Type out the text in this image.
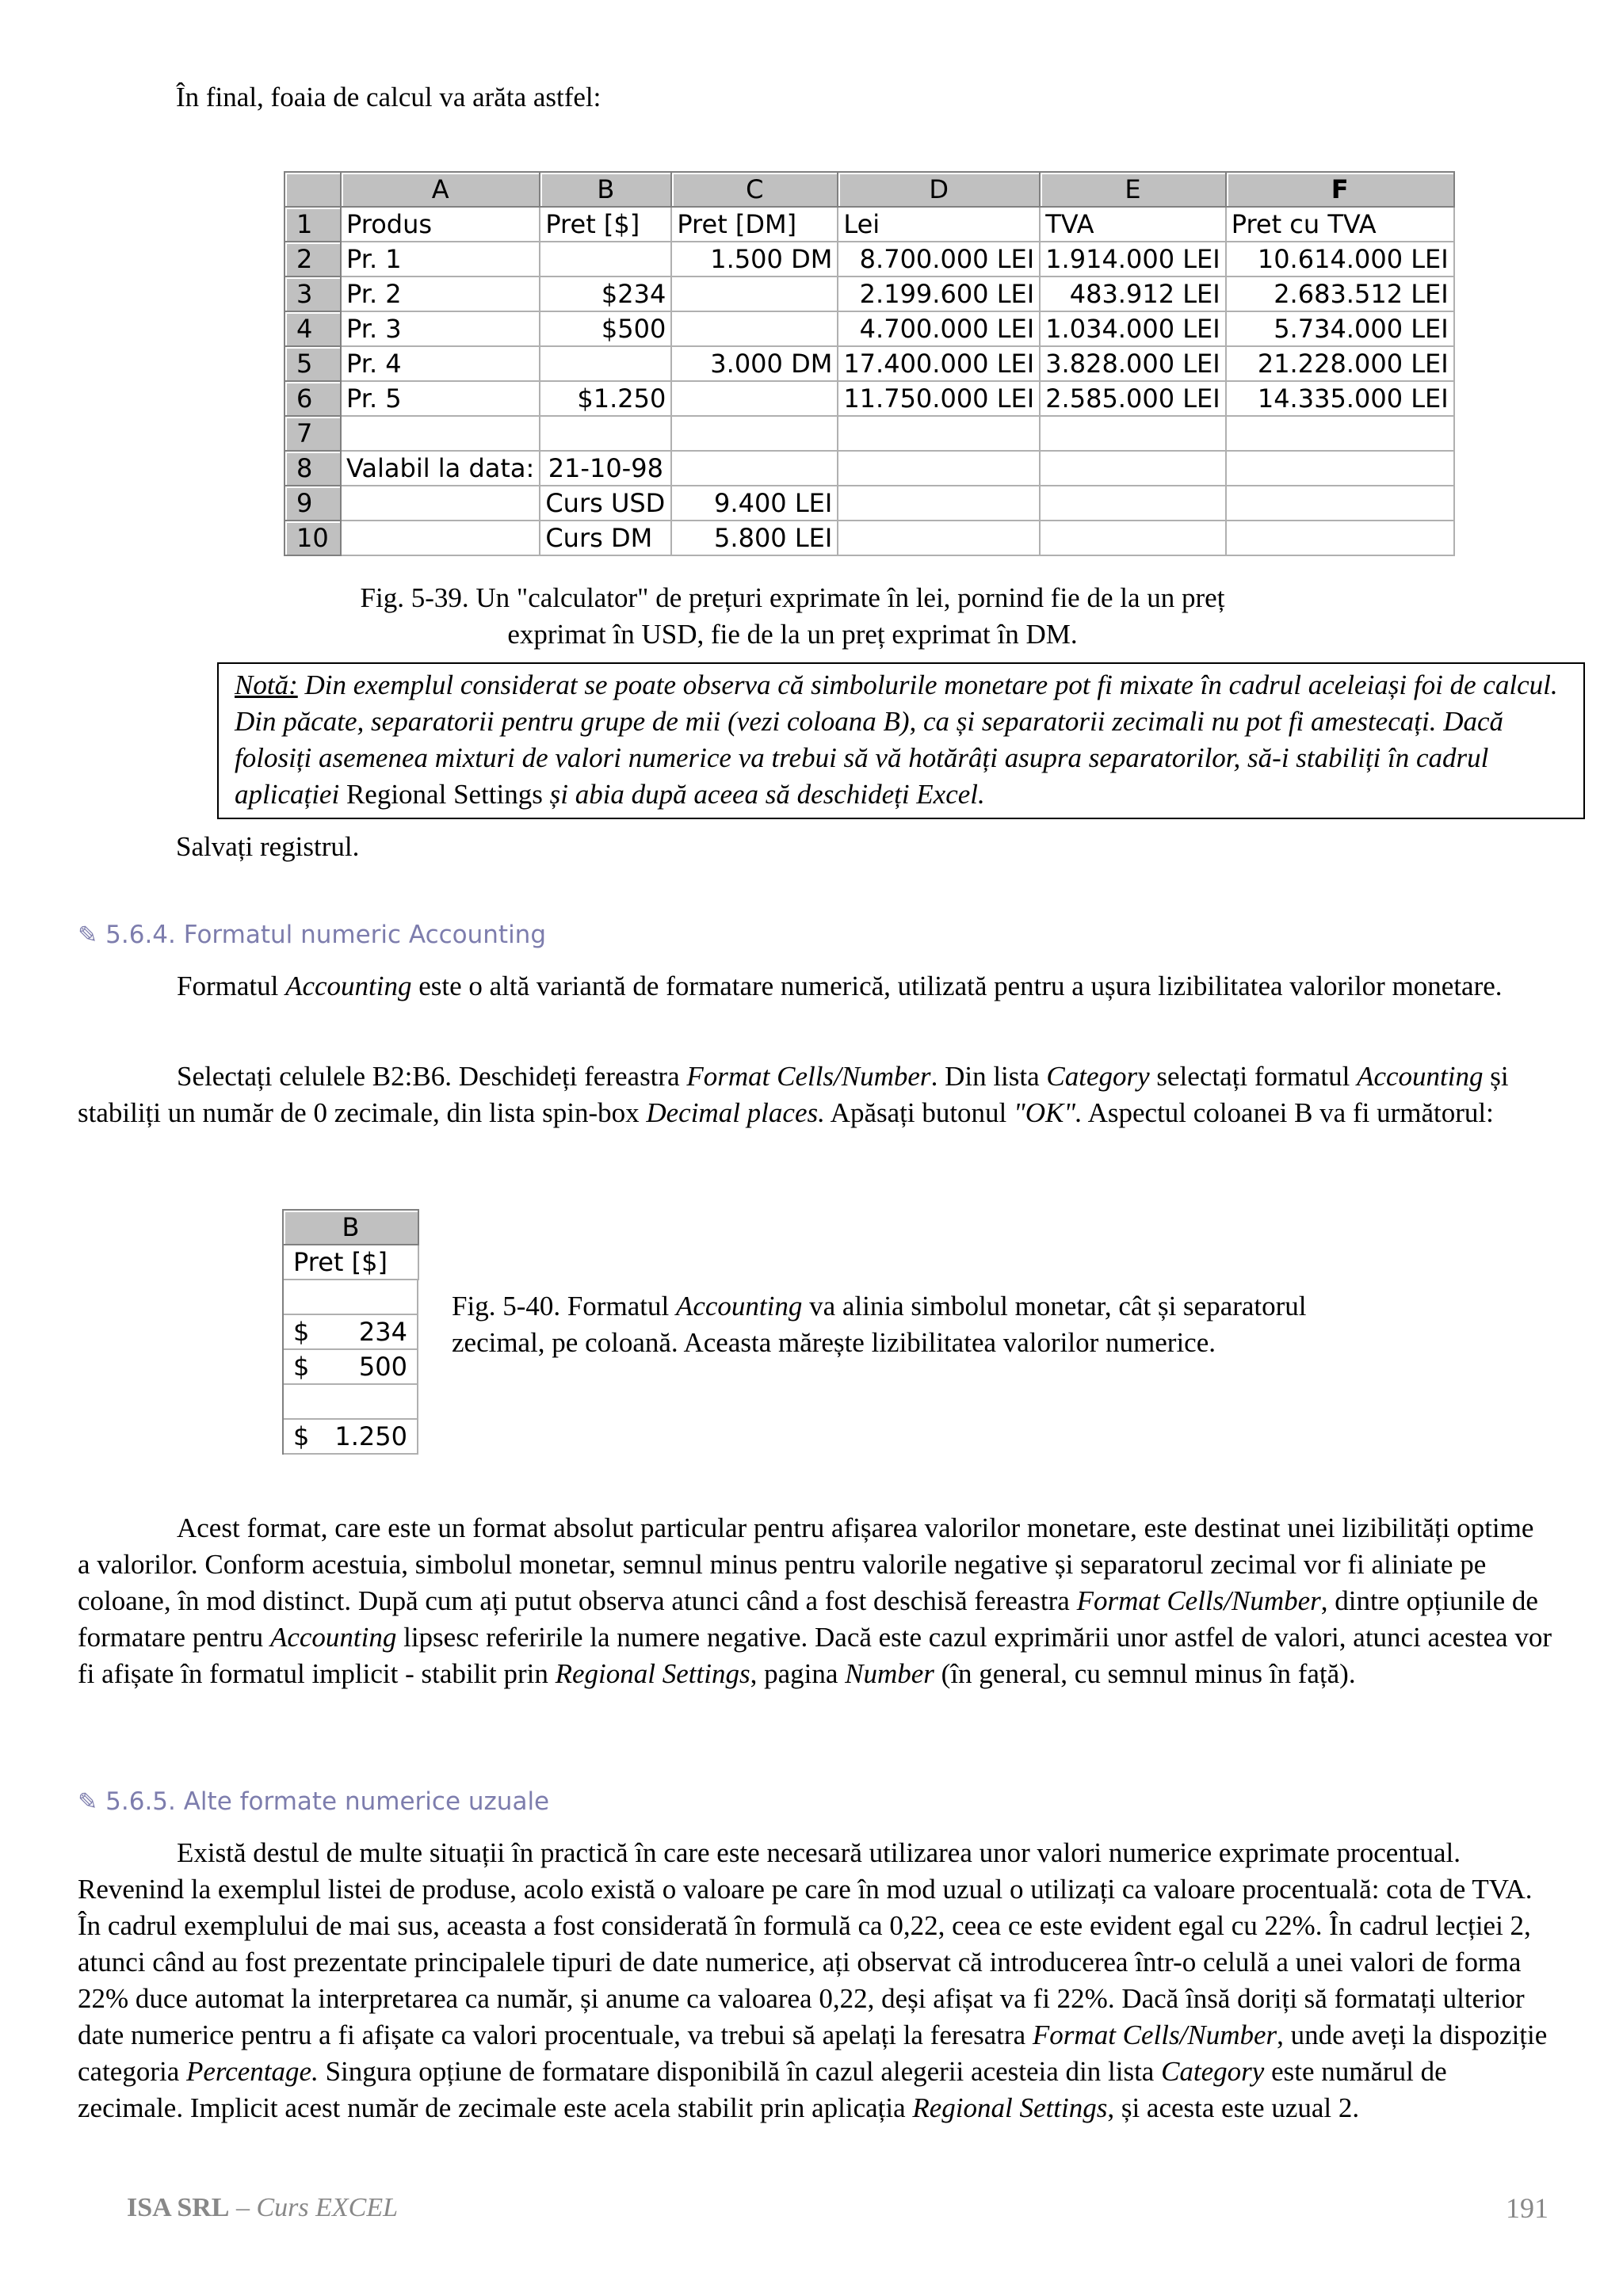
În final, foaia de calcul va arăta astfel:
	A	B	C	D	E	F
1	Produs	Pret [$]	Pret [DM]	Lei	TVA	Pret cu TVA
2	Pr. 1		1.500 DM	8.700.000 LEI	1.914.000 LEI	10.614.000 LEI
3	Pr. 2	$234		2.199.600 LEI	483.912 LEI	2.683.512 LEI
4	Pr. 3	$500		4.700.000 LEI	1.034.000 LEI	5.734.000 LEI
5	Pr. 4		3.000 DM	17.400.000 LEI	3.828.000 LEI	21.228.000 LEI
6	Pr. 5	$1.250		11.750.000 LEI	2.585.000 LEI	14.335.000 LEI
7						
8	Valabil la data:	21-10-98				
9		Curs USD	9.400 LEI			
10		Curs DM	5.800 LEI			
Fig. 5-39. Un "calculator" de prețuri exprimate în lei, pornind fie de la un preț
exprimat în USD, fie de la un preț exprimat în DM.
Notă: Din exemplul considerat se poate observa că simbolurile monetare pot fi mixate în cadrul aceleiași foi de calcul. Din păcate, separatorii pentru grupe de mii (vezi coloana B), ca și separatorii zecimali nu pot fi amestecați. Dacă folosiți asemenea mixturi de valori numerice va trebui să vă hotărâți asupra separatorilor, să-i stabiliți în cadrul aplicației Regional Settings și abia după aceea să deschideți Excel.
Salvați registrul.
✎ 5.6.4. Formatul numeric Accounting
Formatul Accounting este o altă variantă de formatare numerică, utilizată pentru a ușura lizibilitatea valorilor monetare.
Selectați celulele B2:B6. Deschideți fereastra Format Cells/Number. Din lista Category selectați formatul Accounting și stabiliți un număr de 0 zecimale, din lista spin-box Decimal places. Apăsați butonul "OK". Aspectul coloanei B va fi următorul:
B
Pret [$]

$ 234

$ 500

$ 1.250
Fig. 5-40. Formatul Accounting va alinia simbolul monetar, cât și separatorul
zecimal, pe coloană. Aceasta mărește lizibilitatea valorilor numerice.
Acest format, care este un format absolut particular pentru afișarea valorilor monetare, este destinat unei lizibilități optime a valorilor. Conform acestuia, simbolul monetar, semnul minus pentru valorile negative și separatorul zecimal vor fi aliniate pe coloane, în mod distinct. După cum ați putut observa atunci când a fost deschisă fereastra Format Cells/Number, dintre opțiunile de formatare pentru Accounting lipsesc referirile la numere negative. Dacă este cazul exprimării unor astfel de valori, atunci acestea vor fi afișate în formatul implicit - stabilit prin Regional Settings, pagina Number (în general, cu semnul minus în față).
✎ 5.6.5. Alte formate numerice uzuale
Există destul de multe situații în practică în care este necesară utilizarea unor valori numerice exprimate procentual. Revenind la exemplul listei de produse, acolo există o valoare pe care în mod uzual o utilizați ca valoare procentuală: cota de TVA. În cadrul exemplului de mai sus, aceasta a fost considerată în formulă ca 0,22, ceea ce este evident egal cu 22%. În cadrul lecției 2, atunci când au fost prezentate principalele tipuri de date numerice, ați observat că introducerea într-o celulă a unei valori de forma 22% duce automat la interpretarea ca număr, și anume ca valoarea 0,22, deși afișat va fi 22%. Dacă însă doriți să formatați ulterior date numerice pentru a fi afișate ca valori procentuale, va trebui să apelați la feresatra Format Cells/Number, unde aveți la dispoziție categoria Percentage. Singura opțiune de formatare disponibilă în cazul alegerii acesteia din lista Category este numărul de zecimale. Implicit acest număr de zecimale este acela stabilit prin aplicația Regional Settings, și acesta este uzual 2.
ISA SRL – Curs EXCEL	191
